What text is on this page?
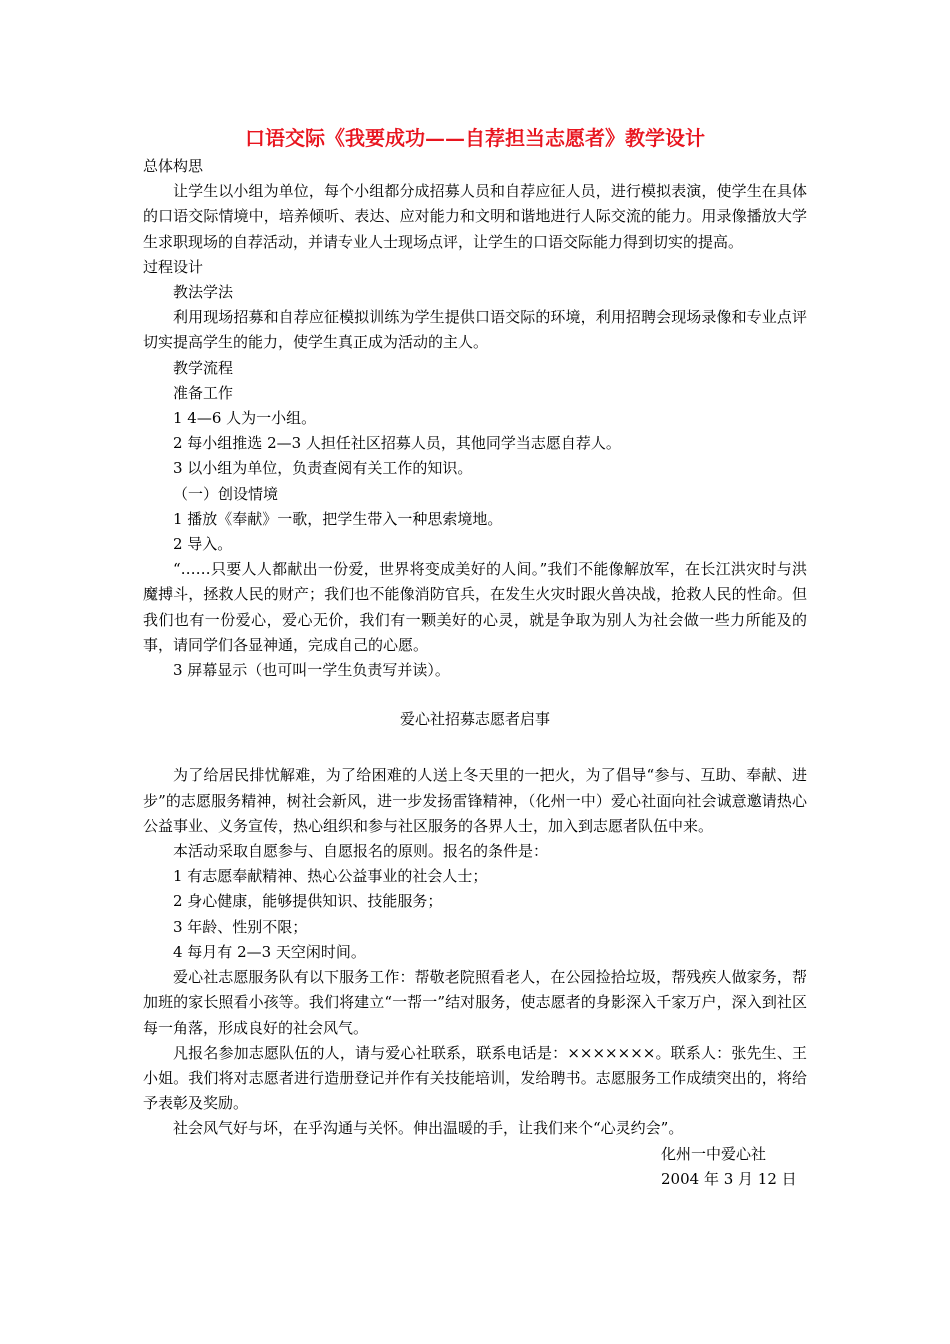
口语交际《我要成功——自荐担当志愿者》教学设计

总体构思

让学生以小组为单位，每个小组都分成招募人员和自荐应征人员，进行模拟表演，使学生在具体的口语交际情境中，培养倾听、表达、应对能力和文明和谐地进行人际交流的能力。用录像播放大学生求职现场的自荐活动，并请专业人士现场点评，让学生的口语交际能力得到切实的提高。

过程设计

教法学法

利用现场招募和自荐应征模拟训练为学生提供口语交际的环境，利用招聘会现场录像和专业点评切实提高学生的能力，使学生真正成为活动的主人。

教学流程

准备工作

1 4—6 人为一小组。

2 每小组推选 2—3 人担任社区招募人员，其他同学当志愿自荐人。

3 以小组为单位，负责查阅有关工作的知识。

（一）创设情境

1 播放《奉献》一歌，把学生带入一种思索境地。

2 导入。

“……只要人人都献出一份爱，世界将变成美好的人间。”我们不能像解放军，在长江洪灾时与洪魔搏斗，拯救人民的财产；我们也不能像消防官兵，在发生火灾时跟火兽决战，抢救人民的性命。但我们也有一份爱心，爱心无价，我们有一颗美好的心灵，就是争取为别人为社会做一些力所能及的事，请同学们各显神通，完成自己的心愿。

3 屏幕显示（也可叫一学生负责写并读）。

爱心社招募志愿者启事

为了给居民排忧解难，为了给困难的人送上冬天里的一把火，为了倡导“参与、互助、奉献、进步”的志愿服务精神，树社会新风，进一步发扬雷锋精神，（化州一中）爱心社面向社会诚意邀请热心公益事业、义务宣传，热心组织和参与社区服务的各界人士，加入到志愿者队伍中来。

本活动采取自愿参与、自愿报名的原则。报名的条件是：

1 有志愿奉献精神、热心公益事业的社会人士；

2 身心健康，能够提供知识、技能服务；

3 年龄、性别不限；

4 每月有 2—3 天空闲时间。

爱心社志愿服务队有以下服务工作：帮敬老院照看老人，在公园捡拾垃圾，帮残疾人做家务，帮加班的家长照看小孩等。我们将建立“一帮一”结对服务，使志愿者的身影深入千家万户，深入到社区每一角落，形成良好的社会风气。

凡报名参加志愿队伍的人，请与爱心社联系，联系电话是：×××××××。联系人：张先生、王小姐。我们将对志愿者进行造册登记并作有关技能培训，发给聘书。志愿服务工作成绩突出的，将给予表彰及奖励。

社会风气好与坏，在乎沟通与关怀。伸出温暖的手，让我们来个“心灵约会”。

化州一中爱心社

2004 年 3 月 12 日
